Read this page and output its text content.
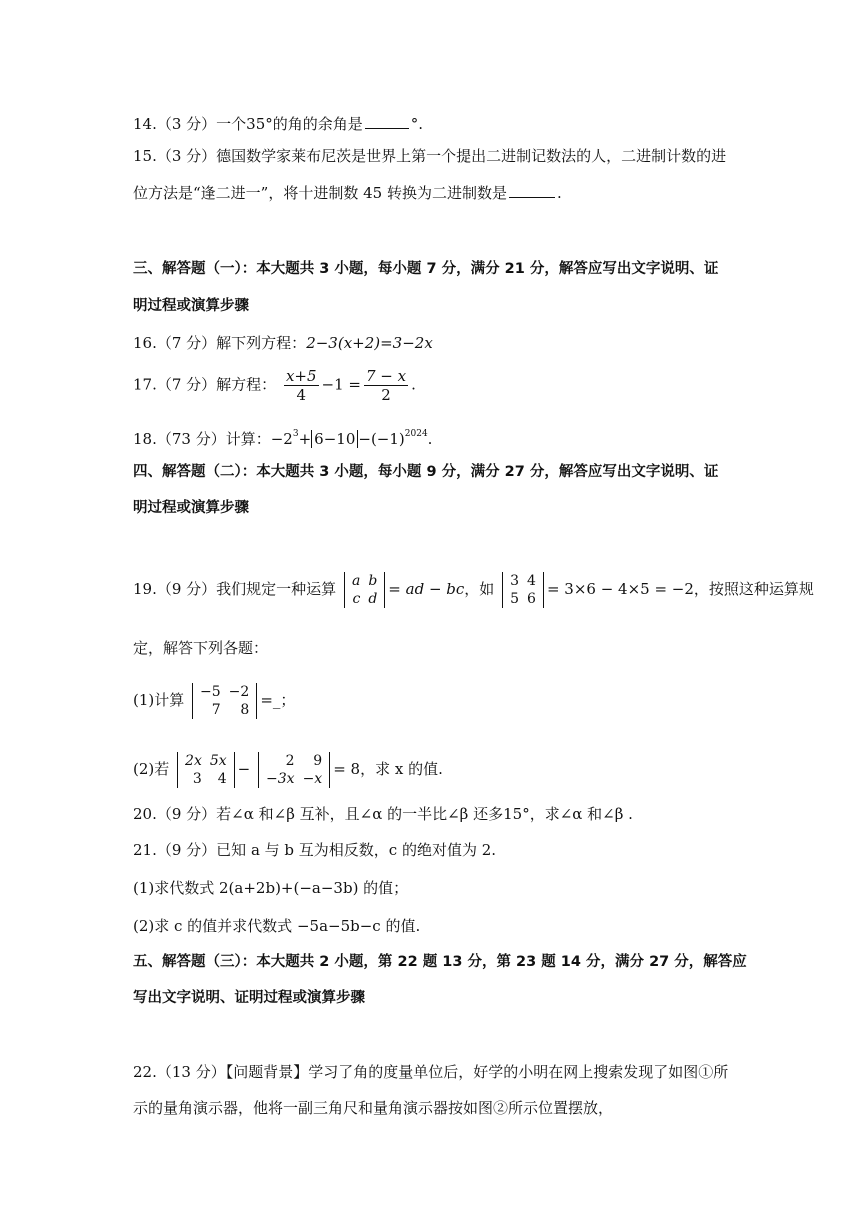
14.（3 分）一个35°的角的余角是	°.
15.（3 分）德国数学家莱布尼茨是世界上第一个提出二进制记数法的人，二进制计数的进
位方法是“逢二进一”，将十进制数 45 转换为二进制数是	.
三、解答题（一）：本大题共 3 小题，每小题 7 分，满分 21 分，解答应写出文字说明、证
明过程或演算步骤
16.（7 分）解下列方程：2−3(x+2)=3−2x
17.（7 分）解方程： $\frac{x+5}{4} -1 = \frac{7 - x}{2}$ .
18.（73 分）计算：$-2^3+ 6-10 -(-1)^{2024}$.
四、解答题（二）：本大题共 3 小题，每小题 9 分，满分 27 分，解答应写出文字说明、证
明过程或演算步骤
19.（9 分）我们规定一种运算 a	b
c	d
= ad − bc，如 3	4
5	6
= 3×6 − 4×5 = −2，按照这种运算规
定，解答下列各题：
(1)计算 −5	−2
7	8
=_；
(2)若 2x	5x
3	4
−	2	9
−3x	−x
= 8，求 x 的值.
20.（9 分）若∠α 和∠β 互补，且∠α 的一半比∠β 还多15°，求∠α 和∠β .
21.（9 分）已知 a 与 b 互为相反数，c 的绝对值为 2.
(1)求代数式 2(a+2b)+(−a−3b) 的值；
(2)求 c 的值并求代数式 −5a−5b−c 的值.
五、解答题（三）：本大题共 2 小题，第 22 题 13 分，第 23 题 14 分，满分 27 分，解答应
写出文字说明、证明过程或演算步骤
22.（13 分）【问题背景】学习了角的度量单位后，好学的小明在网上搜索发现了如图①所
示的量角演示器，他将一副三角尺和量角演示器按如图②所示位置摆放，
